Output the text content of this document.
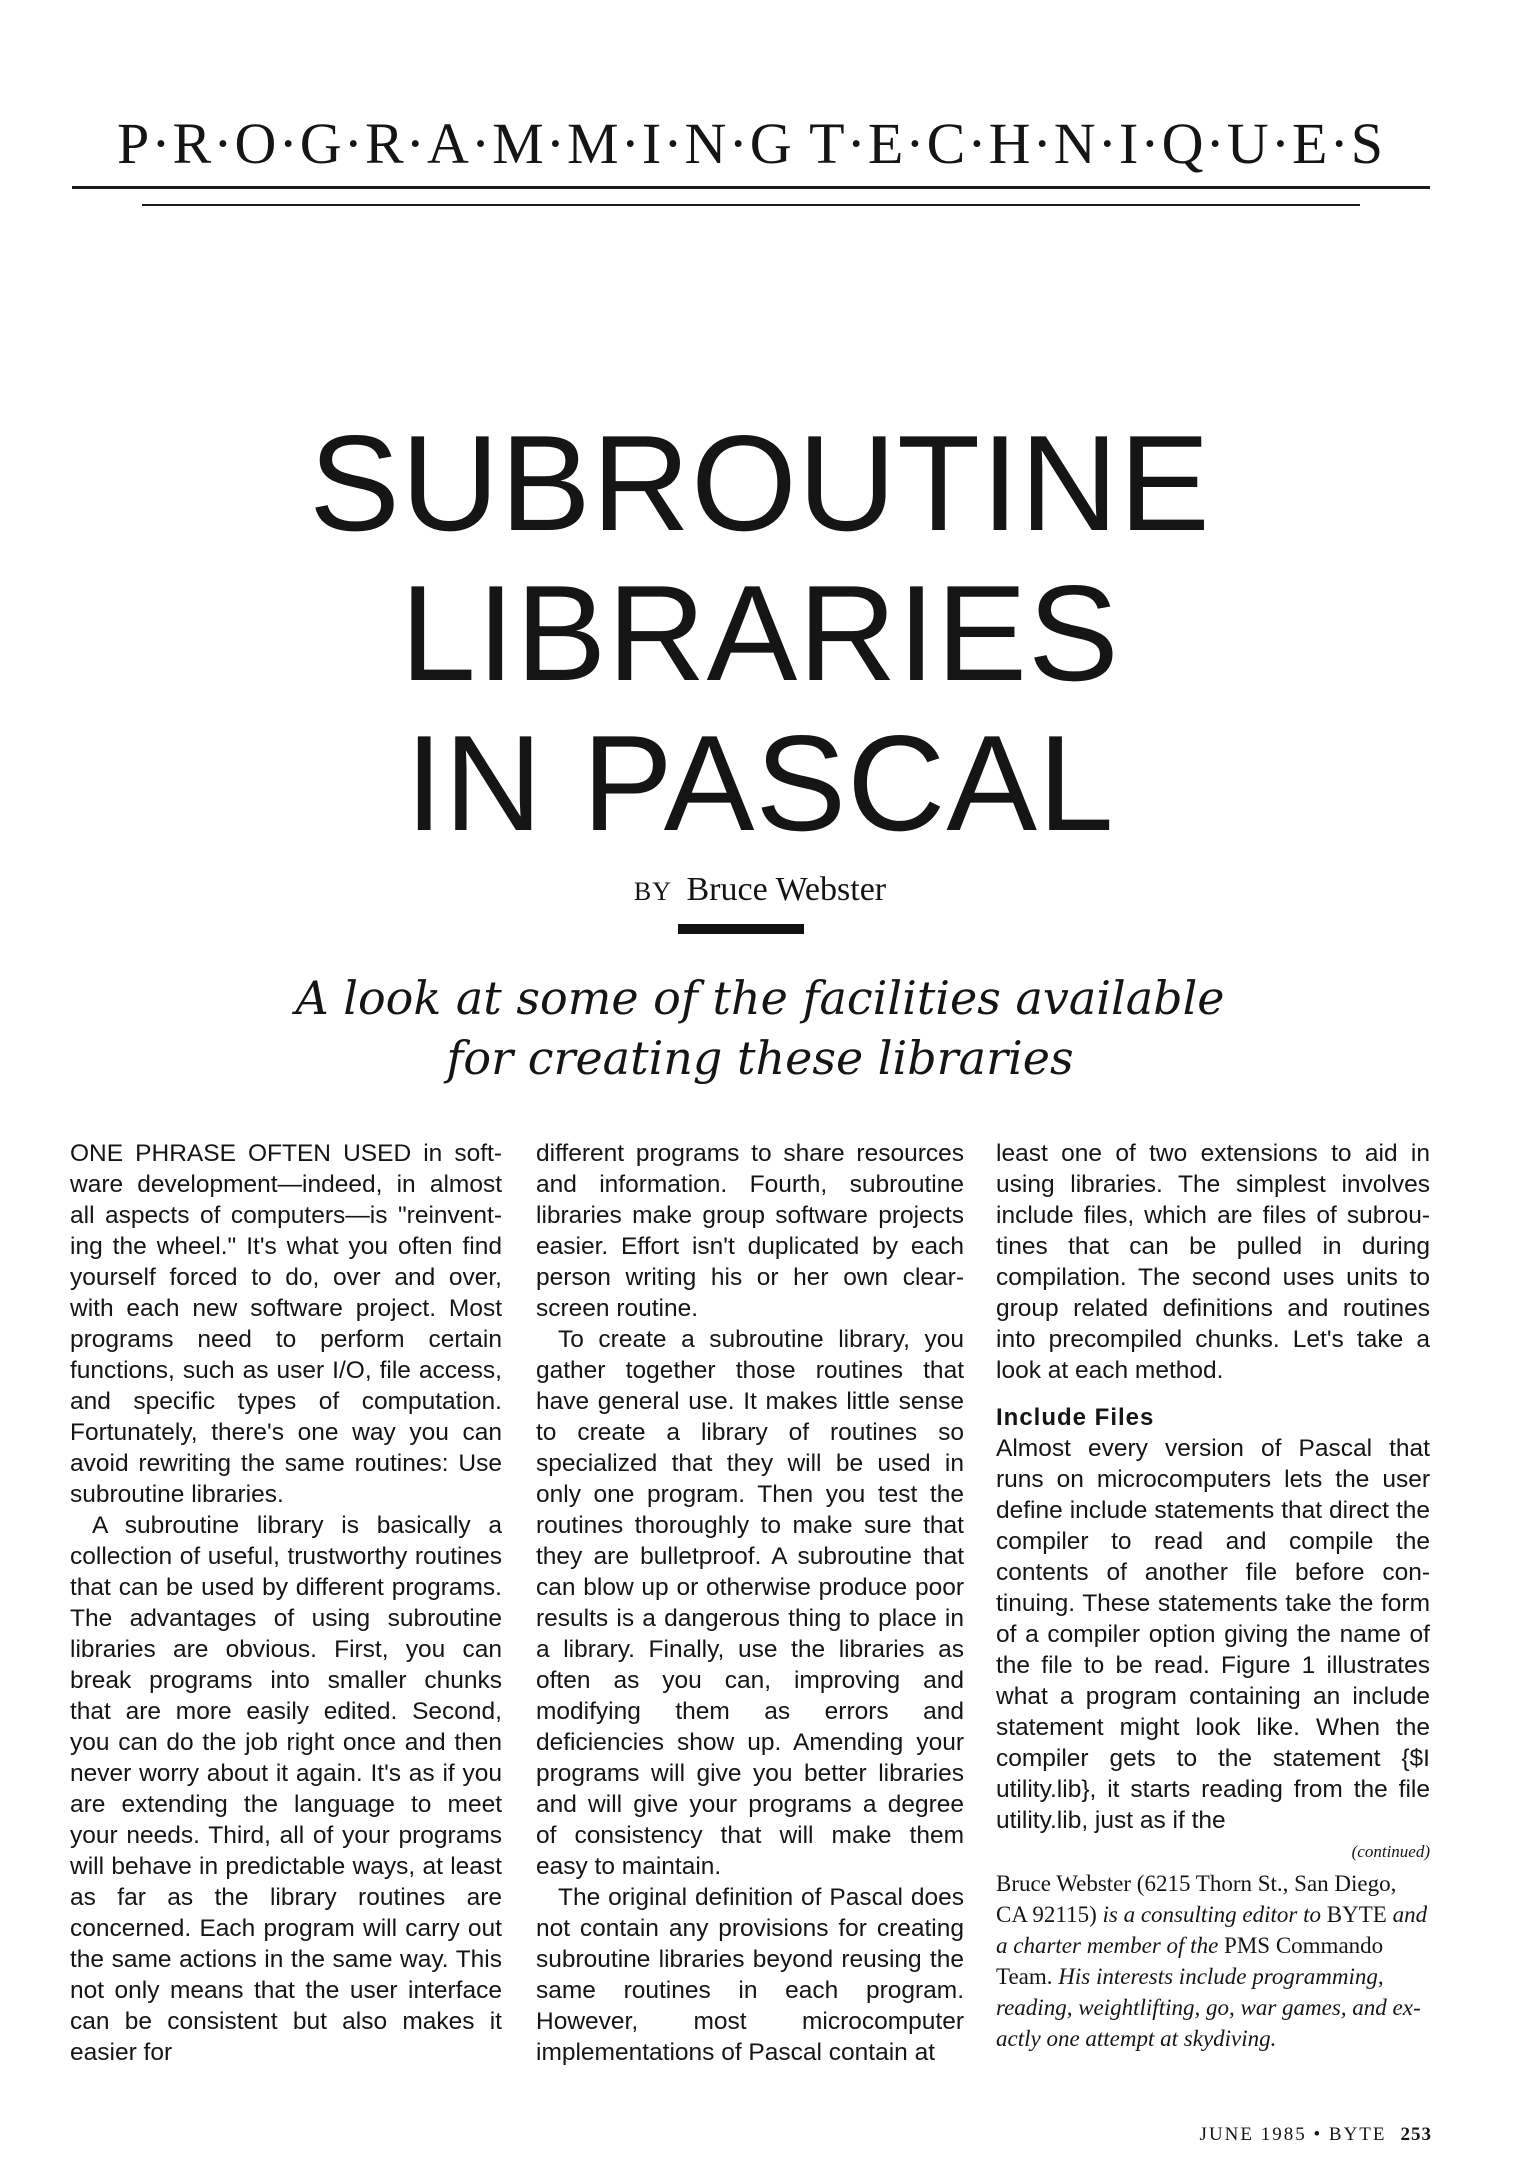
P·R·O·G·R·A·M·M·I·N·G T·E·C·H·N·I·Q·U·E·S
SUBROUTINE
LIBRARIES
IN PASCAL
BY Bruce Webster
A look at some of the facilities available
for creating these libraries

ONE PHRASE OFTEN USED in software development—indeed, in almost all aspects of computers—is "reinventing the wheel." It's what you often find yourself forced to do, over and over, with each new software project. Most programs need to perform certain functions, such as user I/O, file access, and specific types of computation. Fortunately, there's one way you can avoid rewriting the same routines: Use subroutine libraries.

A subroutine library is basically a collection of useful, trustworthy routines that can be used by different programs. The advantages of using subroutine libraries are obvious. First, you can break programs into smaller chunks that are more easily edited. Second, you can do the job right once and then never worry about it again. It's as if you are extending the language to meet your needs. Third, all of your programs will behave in predictable ways, at least as far as the library routines are concerned. Each program will carry out the same actions in the same way. This not only means that the user interface can be consistent but also makes it easier for

different programs to share resources and information. Fourth, subroutine libraries make group software projects easier. Effort isn't duplicated by each person writing his or her own clear-screen routine.

To create a subroutine library, you gather together those routines that have general use. It makes little sense to create a library of routines so specialized that they will be used in only one program. Then you test the routines thoroughly to make sure that they are bulletproof. A subroutine that can blow up or otherwise produce poor results is a dangerous thing to place in a library. Finally, use the libraries as often as you can, improving and modifying them as errors and deficiencies show up. Amending your programs will give you better libraries and will give your programs a degree of consistency that will make them easy to maintain.

The original definition of Pascal does not contain any provisions for creating subroutine libraries beyond reusing the same routines in each program. However, most microcomputer implementations of Pascal contain at

least one of two extensions to aid in using libraries. The simplest involves include files, which are files of subroutines that can be pulled in during compilation. The second uses units to group related definitions and routines into precompiled chunks. Let's take a look at each method.

Include Files

Almost every version of Pascal that runs on microcomputers lets the user define include statements that direct the compiler to read and compile the contents of another file before continuing. These statements take the form of a compiler option giving the name of the file to be read. Figure 1 illustrates what a program containing an include statement might look like. When the compiler gets to the statement {$I utility.lib}, it starts reading from the file utility.lib, just as if the

(continued)
Bruce Webster (6215 Thorn St., San Diego, CA 92115) is a consulting editor to BYTE and a charter member of the PMS Commando Team. His interests include programming, reading, weightlifting, go, war games, and exactly one attempt at skydiving.
JUNE 1985 • BYTE 253
